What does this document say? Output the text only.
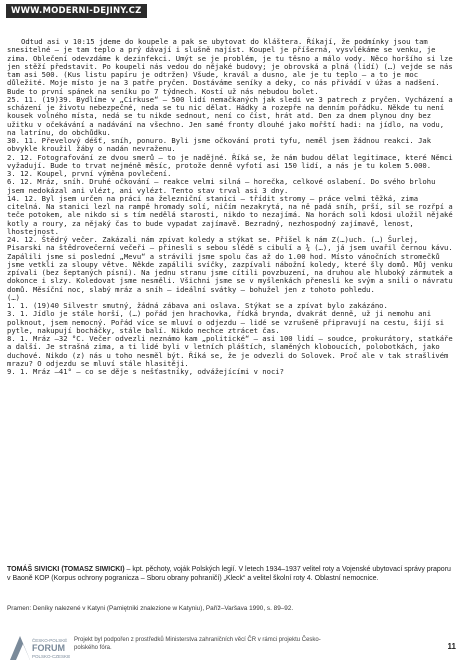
WWW.MODERNI-DEJINY.CZ

Odtud asi v 10:15 jdeme do koupele a pak se ubytovat do kláštera. Říkají, že podmínky jsou tam snesitelné – je tam teplo a prý dávají i slušně najíst. Koupel je příšerná, vysvlékáme se venku, je zima. Oblečení odevzdáme k dezinfekci. Umýt se je problém, je tu těsno a málo vody. Něco horšího si lze jen stěží představit. Po koupeli nás vedou do nějaké budovy; je obrovská a plná (lidí) (…) vejde se nás tam asi 500. (Kus listu papíru je odtržen) Všude, kravál a dusno, ale je tu teplo – a to je moc důležité. Moje místo je na 3 patře pryčen. Dostáváme seníky a deky, co nás přivádí v úžas a nadšení. Bude to první spánek na seníku po 7 týdnech. Kostí už nás nebudou bolet.

25. 11. (19)39. Bydlíme v „Cirkuse“ – 500 lidí nemačkaných jak sledi ve 3 patrech z pryčen. Vycházení a scházení je životu nebezpečné, neda se tu nic dělat. Hádky a rozepře na denním pořádku. Někde tu není kousek volného místa, nedá se tu nikde sednout, není co číst, hrát atd. Den za dnem plynou dny bez užitku v očekávání a nadávání na všechno. Jen samé fronty dlouhé jako mořští hadi: na jídlo, na vodu, na latrínu, do obchůdku.

30. 11. Převelový déšť, sníh, ponuro. Byli jsme očkování proti tyfu, neměl jsem žádnou reakci. Jak obvykle kroužil žáby o nadán nevraženu.

2. 12. Fotografování ze dvou smerů – to je nadějné. Říká se, že nám budou dělat legitimace, které Němci vyžadují. Bude to trvat nejméně měsíc, protože denně vyfotí asi 150 lidí, a nás je tu kolem 5.000.

3. 12. Koupel, první výměna povlečení.

6. 12. Mráz, sníh. Druhé očkování – reakce velmi silná – horečka, celkové oslabení. Do svého brlohu jsem nedokázal ani vlézt, ani vylézt. Tento stav trval asi 3 dny.

14. 12. Byl jsem určen na práci na železniční stanici – třídit stromy – práce velmi těžká, zima citelná. Na stanici lezl na rampě hromady solí, ničím nezakrytá, na ně padá sníh, prší, síl se rozřpí a teče potokem, ale nikdo si s tím nedělá starosti, nikdo to nezajímá. Na horách soli kdosi uložil nějaké kotly a roury, za nějaký čas to bude vypadat zajímavě. Bezradný, nezhospodný zajímavě, lenost, lhostejnost.

24. 12. Štědrý večer. Zakázali nám zpívat koledy a stýkat se. Přišel k nám Z(…)uch. (…) Šurlej, Pisarski na štědrovečerní večeři – přinesli s sebou slédě s cibulí a ¾ (…), já jsem uvařil černou kávu. Zapálili jsme si poslední „Mevu“ a strávili jsme spolu čas až do 1.00 hod. Místo vánočních stromečků jsme vetkli za sloupy větve. Někde zapálili svíčky, zazpívali nábožní koledy, které šly domů. Můj venku zpívali (bez šeptaných písní). Na jednu stranu jsme cítili povzbuzení, na druhou ale hluboký zármutek a dokonce i slzy. Koledovat jsme nesměli. Všichni jsme se v myšlenkách přenesli ke svým a snili o návratu domů. Měsíční noc, slabý mráz a sníh – ideální svátky – bohužel jen z tohoto pohledu.

(…)

1. 1. (19)40 Silvestr smutný, žádná zábava ani oslava. Stýkat se a zpívat bylo zakázáno.

3. 1. Jídlo je stále horší, (…) pořád jen hrachovka, řídká brynda, dvakrát denně, už ji nemohu ani polknout, jsem nemocný. Pořád více se mluví o odjezdu – lidé se vzrušeně připravují na cestu, šijí si pytle, nakupují bocháčky, stále balí. Nikdo nechce ztrácet čas.

8. 1. Mráz –32 °C. Večer odvezli neznámo kam „politické“ – asi 100 lidí – soudce, prokurátory, statkáře a další. Je strašná zima, a ti lidé byli v letních pláštích, slaměných kloboucích, polobotkách, jako duchové. Nikdo (z) nás u toho nesměl být. Říká se, že je odvezli do Solovek. Proč ale v tak strašlivém mrazu? O odjezdu se mluví stále hlasitěji.

9. 1. Mráz –41° – co se děje s nešťastníky, odvážejícími v noci?

TOMÁŠ SIVICKI (TOMASZ SIWICKI) – kpt. pěchoty, voják Polských legií. V letech 1934–1937 velitel roty a Vojenské ubytovací správy praporu v Baoně KOP (Korpus ochrony pogranicza – Sboru obrany pohraničí) „Kleck“ a velitel školní roty 4. Oblastní nemocnice.
Pramen: Deníky nalezené v Katyni (Pamiętniki znalezione w Katyniu), Paříž–Varšava 1990, s. 89–92.
ČESKO-POLSKÉ
FORUM
POLSKO-CZESKIE
Projekt byl podpořen z prostředků Ministerstva zahraničních věcí ČR v rámci projektu Česko-polského fóra.	11
